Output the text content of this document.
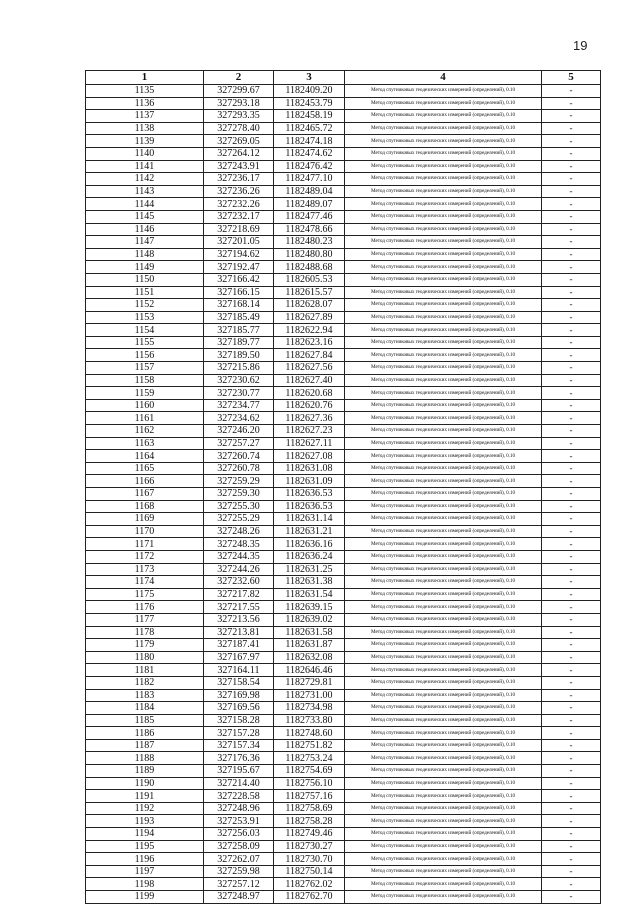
19
1	2	3	4	5
1135	327299.67	1182409.20	Метод спутниковых геодезических измерений (определений), 0.10	-
1136	327293.18	1182453.79	Метод спутниковых геодезических измерений (определений), 0.10	-
1137	327293.35	1182458.19	Метод спутниковых геодезических измерений (определений), 0.10	-
1138	327278.40	1182465.72	Метод спутниковых геодезических измерений (определений), 0.10	-
1139	327269.05	1182474.18	Метод спутниковых геодезических измерений (определений), 0.10	-
1140	327264.12	1182474.62	Метод спутниковых геодезических измерений (определений), 0.10	-
1141	327243.91	1182476.42	Метод спутниковых геодезических измерений (определений), 0.10	-
1142	327236.17	1182477.10	Метод спутниковых геодезических измерений (определений), 0.10	-
1143	327236.26	1182489.04	Метод спутниковых геодезических измерений (определений), 0.10	-
1144	327232.26	1182489.07	Метод спутниковых геодезических измерений (определений), 0.10	-
1145	327232.17	1182477.46	Метод спутниковых геодезических измерений (определений), 0.10	-
1146	327218.69	1182478.66	Метод спутниковых геодезических измерений (определений), 0.10	-
1147	327201.05	1182480.23	Метод спутниковых геодезических измерений (определений), 0.10	-
1148	327194.62	1182480.80	Метод спутниковых геодезических измерений (определений), 0.10	-
1149	327192.47	1182488.68	Метод спутниковых геодезических измерений (определений), 0.10	-
1150	327166.42	1182605.53	Метод спутниковых геодезических измерений (определений), 0.10	-
1151	327166.15	1182615.57	Метод спутниковых геодезических измерений (определений), 0.10	-
1152	327168.14	1182628.07	Метод спутниковых геодезических измерений (определений), 0.10	-
1153	327185.49	1182627.89	Метод спутниковых геодезических измерений (определений), 0.10	-
1154	327185.77	1182622.94	Метод спутниковых геодезических измерений (определений), 0.10	-
1155	327189.77	1182623.16	Метод спутниковых геодезических измерений (определений), 0.10	-
1156	327189.50	1182627.84	Метод спутниковых геодезических измерений (определений), 0.10	-
1157	327215.86	1182627.56	Метод спутниковых геодезических измерений (определений), 0.10	-
1158	327230.62	1182627.40	Метод спутниковых геодезических измерений (определений), 0.10	-
1159	327230.77	1182620.68	Метод спутниковых геодезических измерений (определений), 0.10	-
1160	327234.77	1182620.76	Метод спутниковых геодезических измерений (определений), 0.10	-
1161	327234.62	1182627.36	Метод спутниковых геодезических измерений (определений), 0.10	-
1162	327246.20	1182627.23	Метод спутниковых геодезических измерений (определений), 0.10	-
1163	327257.27	1182627.11	Метод спутниковых геодезических измерений (определений), 0.10	-
1164	327260.74	1182627.08	Метод спутниковых геодезических измерений (определений), 0.10	-
1165	327260.78	1182631.08	Метод спутниковых геодезических измерений (определений), 0.10	-
1166	327259.29	1182631.09	Метод спутниковых геодезических измерений (определений), 0.10	-
1167	327259.30	1182636.53	Метод спутниковых геодезических измерений (определений), 0.10	-
1168	327255.30	1182636.53	Метод спутниковых геодезических измерений (определений), 0.10	-
1169	327255.29	1182631.14	Метод спутниковых геодезических измерений (определений), 0.10	-
1170	327248.26	1182631.21	Метод спутниковых геодезических измерений (определений), 0.10	-
1171	327248.35	1182636.16	Метод спутниковых геодезических измерений (определений), 0.10	-
1172	327244.35	1182636.24	Метод спутниковых геодезических измерений (определений), 0.10	-
1173	327244.26	1182631.25	Метод спутниковых геодезических измерений (определений), 0.10	-
1174	327232.60	1182631.38	Метод спутниковых геодезических измерений (определений), 0.10	-
1175	327217.82	1182631.54	Метод спутниковых геодезических измерений (определений), 0.10	-
1176	327217.55	1182639.15	Метод спутниковых геодезических измерений (определений), 0.10	-
1177	327213.56	1182639.02	Метод спутниковых геодезических измерений (определений), 0.10	-
1178	327213.81	1182631.58	Метод спутниковых геодезических измерений (определений), 0.10	-
1179	327187.41	1182631.87	Метод спутниковых геодезических измерений (определений), 0.10	-
1180	327167.97	1182632.08	Метод спутниковых геодезических измерений (определений), 0.10	-
1181	327164.11	1182646.46	Метод спутниковых геодезических измерений (определений), 0.10	-
1182	327158.54	1182729.81	Метод спутниковых геодезических измерений (определений), 0.10	-
1183	327169.98	1182731.00	Метод спутниковых геодезических измерений (определений), 0.10	-
1184	327169.56	1182734.98	Метод спутниковых геодезических измерений (определений), 0.10	-
1185	327158.28	1182733.80	Метод спутниковых геодезических измерений (определений), 0.10	-
1186	327157.28	1182748.60	Метод спутниковых геодезических измерений (определений), 0.10	-
1187	327157.34	1182751.82	Метод спутниковых геодезических измерений (определений), 0.10	-
1188	327176.36	1182753.24	Метод спутниковых геодезических измерений (определений), 0.10	-
1189	327195.67	1182754.69	Метод спутниковых геодезических измерений (определений), 0.10	-
1190	327214.40	1182756.10	Метод спутниковых геодезических измерений (определений), 0.10	-
1191	327228.58	1182757.16	Метод спутниковых геодезических измерений (определений), 0.10	-
1192	327248.96	1182758.69	Метод спутниковых геодезических измерений (определений), 0.10	-
1193	327253.91	1182758.28	Метод спутниковых геодезических измерений (определений), 0.10	-
1194	327256.03	1182749.46	Метод спутниковых геодезических измерений (определений), 0.10	-
1195	327258.09	1182730.27	Метод спутниковых геодезических измерений (определений), 0.10	-
1196	327262.07	1182730.70	Метод спутниковых геодезических измерений (определений), 0.10	-
1197	327259.98	1182750.14	Метод спутниковых геодезических измерений (определений), 0.10	-
1198	327257.12	1182762.02	Метод спутниковых геодезических измерений (определений), 0.10	-
1199	327248.97	1182762.70	Метод спутниковых геодезических измерений (определений), 0.10	-
